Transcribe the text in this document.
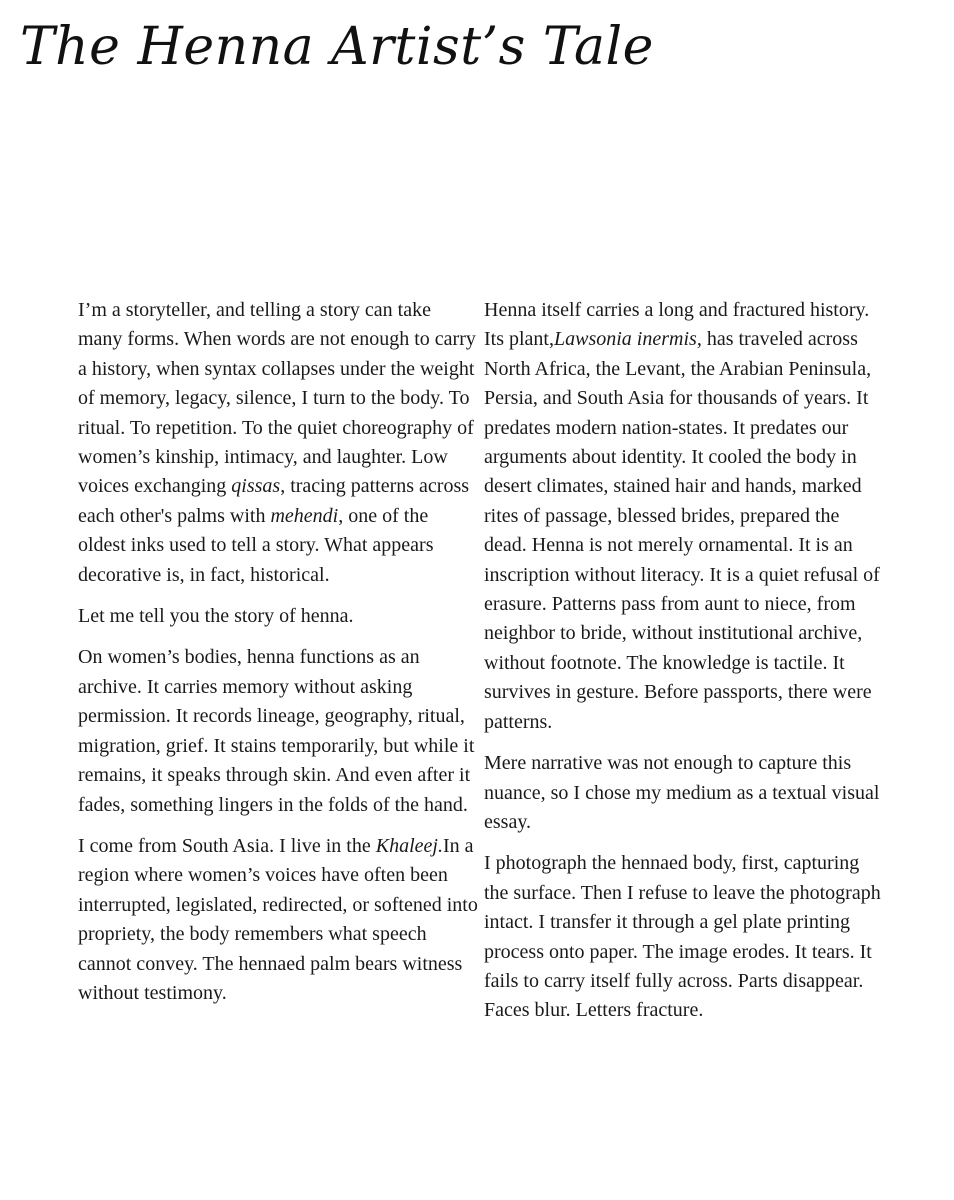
The Henna Artist’s Tale

I’m a storyteller, and telling a story can take many forms. When words are not enough to carry a history, when syntax collapses under the weight of memory, legacy, silence, I turn to the body. To ritual. To repetition. To the quiet choreography of women’s kinship, intimacy, and laughter. Low voices exchanging qissas, tracing patterns across each other's palms with mehendi, one of the oldest inks used to tell a story. What appears decorative is, in fact, historical.

Let me tell you the story of henna.

On women’s bodies, henna functions as an archive. It carries memory without asking permission. It records lineage, geography, ritual, migration, grief. It stains temporarily, but while it remains, it speaks through skin. And even after it fades, something lingers in the folds of the hand.

I come from South Asia. I live in the Khaleej.In a region where women’s voices have often been interrupted, legislated, redirected, or softened into propriety, the body remembers what speech cannot convey. The hennaed palm bears witness without testimony.

Henna itself carries a long and fractured history. Its plant,Lawsonia inermis, has traveled across North Africa, the Levant, the Arabian Peninsula, Persia, and South Asia for thousands of years. It predates modern nation-states. It predates our arguments about identity. It cooled the body in desert climates, stained hair and hands, marked rites of passage, blessed brides, prepared the dead. Henna is not merely ornamental. It is an inscription without literacy. It is a quiet refusal of erasure. Patterns pass from aunt to niece, from neighbor to bride, without institutional archive, without footnote. The knowledge is tactile. It survives in gesture. Before passports, there were patterns.

Mere narrative was not enough to capture this nuance, so I chose my medium as a textual visual essay.

I photograph the hennaed body, first, capturing the surface. Then I refuse to leave the photograph intact. I transfer it through a gel plate printing process onto paper. The image erodes. It tears. It fails to carry itself fully across. Parts disappear. Faces blur. Letters fracture.
